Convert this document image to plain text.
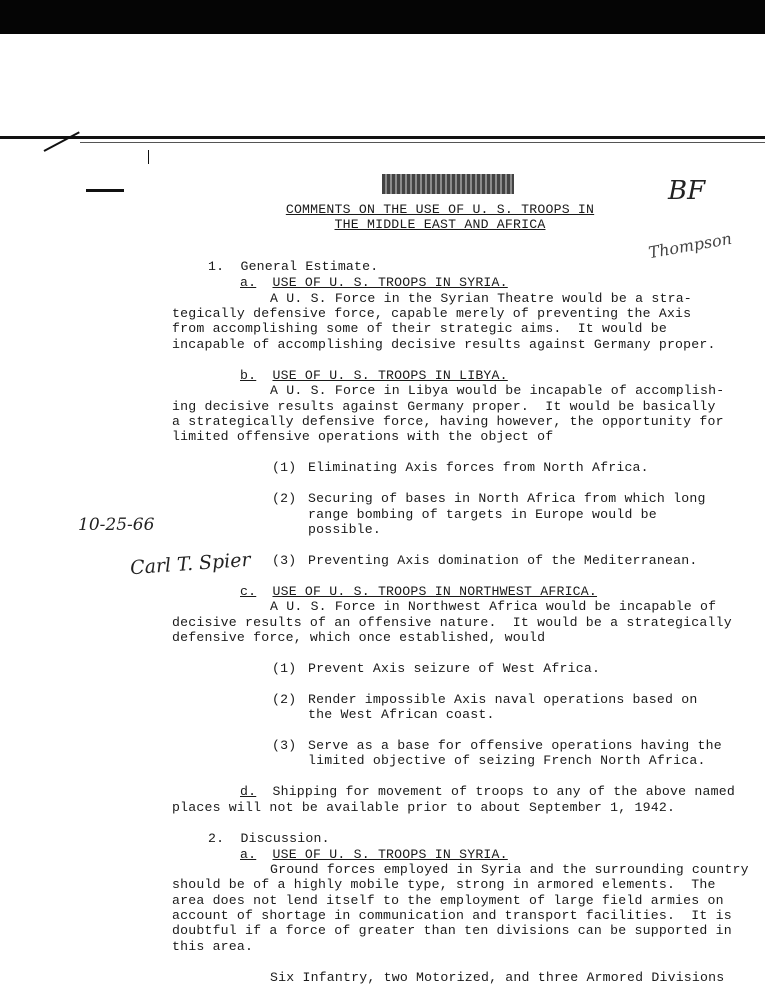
COMMENTS ON THE USE OF U. S. TROOPS IN
THE MIDDLE EAST AND AFRICA
BF
Thompson
10-25-66
Carl T. Spier
1.  General Estimate.
a. USE OF U. S. TROOPS IN SYRIA.
A U. S. Force in the Syrian Theatre would be a stra-
tegically defensive force, capable merely of preventing the Axis
from accomplishing some of their strategic aims.  It would be
incapable of accomplishing decisive results against Germany proper.
b. USE OF U. S. TROOPS IN LIBYA.
A U. S. Force in Libya would be incapable of accomplish-
ing decisive results against Germany proper.  It would be basically
a strategically defensive force, having however, the opportunity for
limited offensive operations with the object of
(1) Eliminating Axis forces from North Africa.
(2) Securing of bases in North Africa from which long
range bombing of targets in Europe would be
possible.
(3) Preventing Axis domination of the Mediterranean.
c. USE OF U. S. TROOPS IN NORTHWEST AFRICA.
A U. S. Force in Northwest Africa would be incapable of
decisive results of an offensive nature.  It would be a strategically
defensive force, which once established, would
(1) Prevent Axis seizure of West Africa.
(2) Render impossible Axis naval operations based on
the West African coast.
(3) Serve as a base for offensive operations having the
limited objective of seizing French North Africa.
d. Shipping for movement of troops to any of the above named
places will not be available prior to about September 1, 1942.
2.  Discussion.
a. USE OF U. S. TROOPS IN SYRIA.
Ground forces employed in Syria and the surrounding country
should be of a highly mobile type, strong in armored elements.  The
area does not lend itself to the employment of large field armies on
account of shortage in communication and transport facilities.  It is
doubtful if a force of greater than ten divisions can be supported in
this area.
Six Infantry, two Motorized, and three Armored Divisions
